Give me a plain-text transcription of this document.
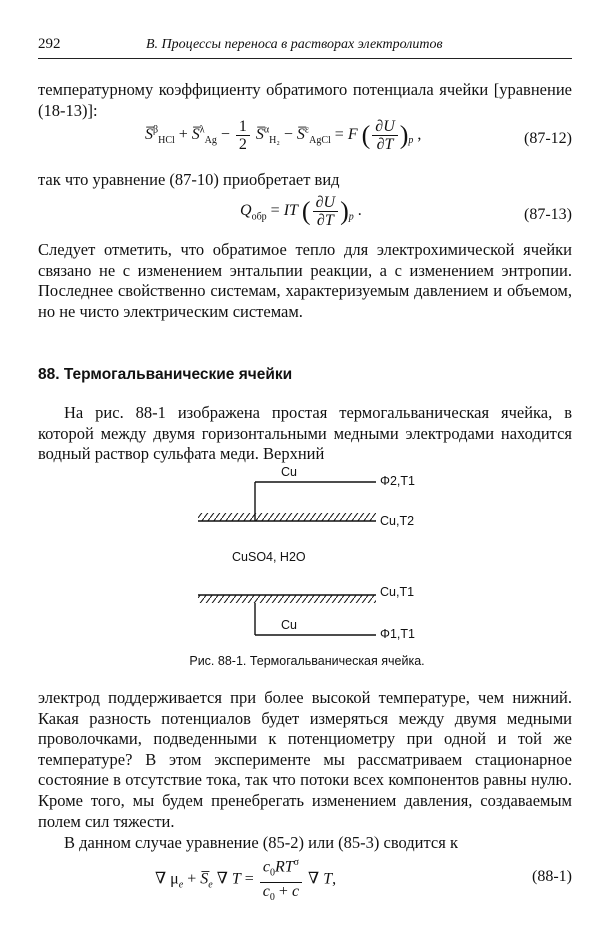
292	В. Процессы переноса в растворах электролитов
температурному коэффициенту обратимого потенциала ячейки [уравнение (18-13)]:
S̅$^\beta_{HCl}$ + S̅$^\lambda_{Ag}$ − $\frac{1}{2}$ S̅$^\alpha_{H_2}$ − S̅$^\varepsilon_{AgCl}$ = F ( $\frac{\partial U}{\partial T} )_p$ ,	(87-12)
так что уравнение (87-10) приобретает вид
$Q_{обр}$ = IT ( $\frac{\partial U}{\partial T} )_p$ .	(87-13)
Следует отметить, что обратимое тепло для электрохимической ячейки связано не с изменением энтальпии реакции, а с изменением энтропии. Последнее свойственно системам, характеризуемым давлением и объемом, но не чисто электрическим системам.
88. Термогальванические ячейки
На рис. 88-1 изображена простая термогальваническая ячейка, в которой между двумя горизонтальными медными электродами находится водный раствор сульфата меди. Верхний
Cu
Φ2,T1
Cu,T2
CuSO4, H2O
Cu,T1
Cu
Φ1,T1
Рис. 88-1. Термогальваническая ячейка.
электрод поддерживается при более высокой температуре, чем нижний. Какая разность потенциалов будет измеряться между двумя медными проволочками, подведенными к потенциометру при одной и той же температуре? В этом эксперименте мы рассматриваем стационарное состояние в отсутствие тока, так что потоки всех компонентов равны нулю. Кроме того, мы будем пренебрегать изменением давления, создаваемым полем сил тяжести.
В данном случае уравнение (85-2) или (85-3) сводится к
∇ $\mu_e$ + $S̅_e$ ∇ $T = \frac{c_0RT^\sigma}{c_0 + c}$ ∇ T,	(88-1)
